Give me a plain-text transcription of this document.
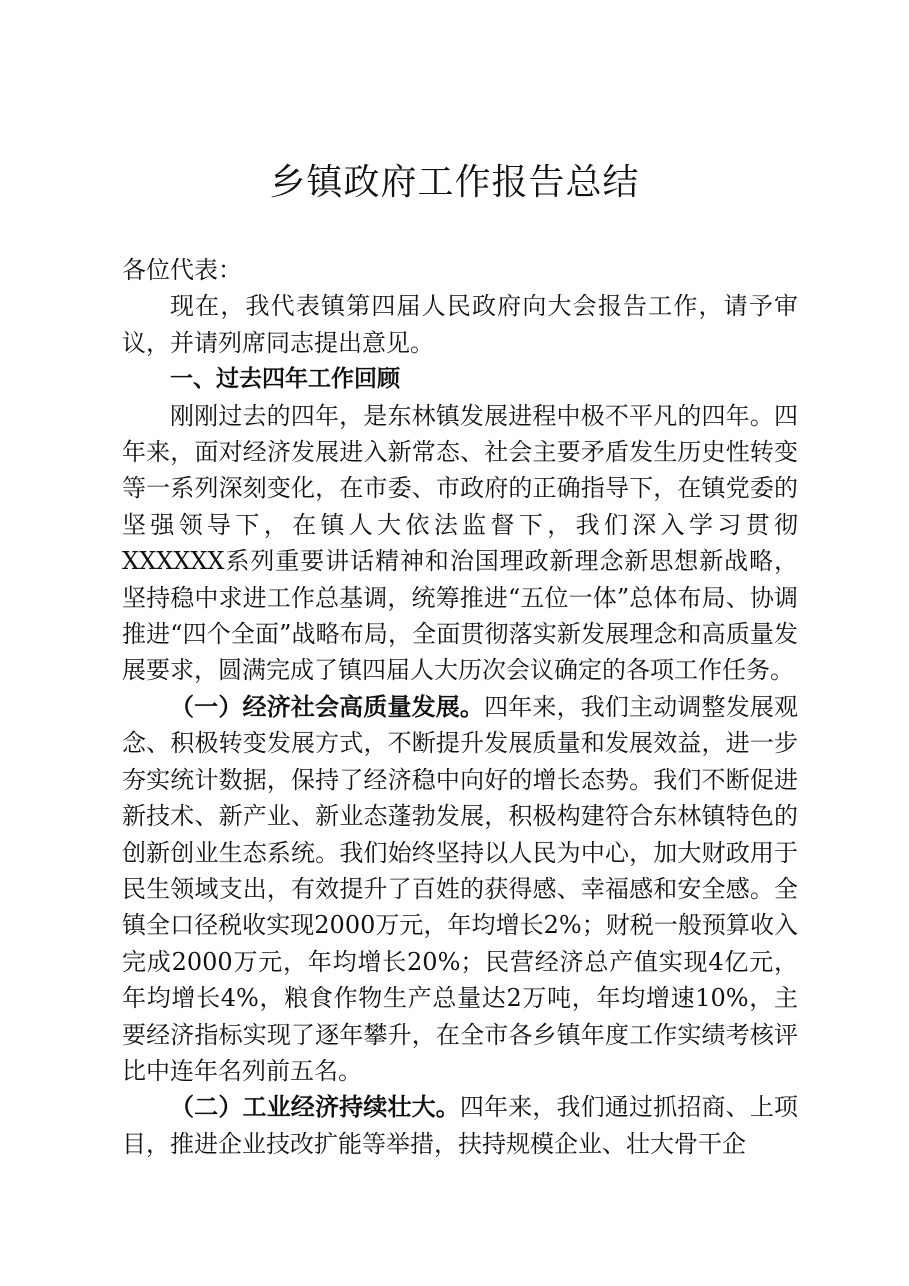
乡镇政府工作报告总结

各位代表：

现在，我代表镇第四届人民政府向大会报告工作，请予审议，并请列席同志提出意见。

一、过去四年工作回顾

刚刚过去的四年，是东林镇发展进程中极不平凡的四年。四年来，面对经济发展进入新常态、社会主要矛盾发生历史性转变等一系列深刻变化，在市委、市政府的正确指导下，在镇党委的坚强领导下，在镇人大依法监督下，我们深入学习贯彻XXXXXX系列重要讲话精神和治国理政新理念新思想新战略，坚持稳中求进工作总基调，统筹推进“五位一体”总体布局、协调推进“四个全面”战略布局，全面贯彻落实新发展理念和高质量发展要求，圆满完成了镇四届人大历次会议确定的各项工作任务。

（一）经济社会高质量发展。四年来，我们主动调整发展观念、积极转变发展方式，不断提升发展质量和发展效益，进一步夯实统计数据，保持了经济稳中向好的增长态势。我们不断促进新技术、新产业、新业态蓬勃发展，积极构建符合东林镇特色的创新创业生态系统。我们始终坚持以人民为中心，加大财政用于民生领域支出，有效提升了百姓的获得感、幸福感和安全感。全镇全口径税收实现2000万元，年均增长2%；财税一般预算收入完成2000万元，年均增长20%；民营经济总产值实现4亿元，年均增长4%，粮食作物生产总量达2万吨，年均增速10%，主要经济指标实现了逐年攀升，在全市各乡镇年度工作实绩考核评比中连年名列前五名。

（二）工业经济持续壮大。四年来，我们通过抓招商、上项目，推进企业技改扩能等举措，扶持规模企业、壮大骨干企
